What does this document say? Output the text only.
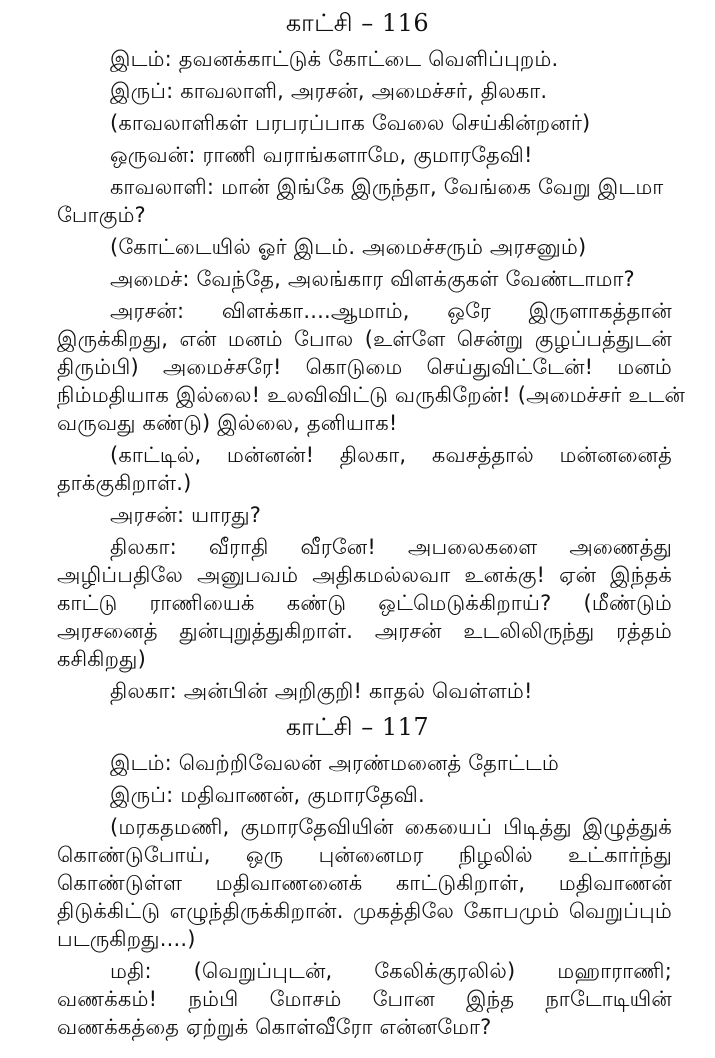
காட்சி – 116
இடம்: தவனக்காட்டுக் கோட்டை வெளிப்புறம்.
இருப்: காவலாளி, அரசன், அமைச்சர், திலகா.
(காவலாளிகள் பரபரப்பாக வேலை செய்கின்றனர்)
ஒருவன்: ராணி வராங்களாமே, குமாரதேவி!
காவலாளி: மான் இங்கே இருந்தா, வேங்கை வேறு இடமா
போகும்?
(கோட்டையில் ஓர் இடம். அமைச்சரும் அரசனும்)
அமைச்: வேந்தே, அலங்கார விளக்குகள் வேண்டாமா?
அரசன்: விளக்கா....ஆமாம், ஒரே இருளாகத்தான்
இருக்கிறது, என் மனம் போல (உள்ளே சென்று குழப்பத்துடன்
திரும்பி) அமைச்சரே! கொடுமை செய்துவிட்டேன்! மனம்
நிம்மதியாக இல்லை! உலவிவிட்டு வருகிறேன்! (அமைச்சர் உடன்
வருவது கண்டு) இல்லை, தனியாக!
(காட்டில், மன்னன்! திலகா, கவசத்தால் மன்னனைத்
தாக்குகிறாள்.)
அரசன்: யாரது?
திலகா: வீராதி வீரனே! அபலைகளை அணைத்து
அழிப்பதிலே அனுபவம் அதிகமல்லவா உனக்கு! ஏன் இந்தக்
காட்டு ராணியைக் கண்டு ஒட்மெடுக்கிறாய்? (மீண்டும்
அரசனைத் துன்புறுத்துகிறாள். அரசன் உடலிலிருந்து ரத்தம்
கசிகிறது)
திலகா: அன்பின் அறிகுறி! காதல் வெள்ளம்!
காட்சி – 117
இடம்: வெற்றிவேலன் அரண்மனைத் தோட்டம்
இருப்: மதிவாணன், குமாரதேவி.
(மரகதமணி, குமாரதேவியின் கையைப் பிடித்து இழுத்துக்
கொண்டுபோய், ஒரு புன்னைமர நிழலில் உட்கார்ந்து
கொண்டுள்ள மதிவாணனைக் காட்டுகிறாள், மதிவாணன்
திடுக்கிட்டு எழுந்திருக்கிறான். முகத்திலே கோபமும் வெறுப்பும்
படருகிறது....)
மதி: (வெறுப்புடன், கேலிக்குரலில்) மஹாராணி;
வணக்கம்! நம்பி மோசம் போன இந்த நாடோடியின்
வணக்கத்தை ஏற்றுக் கொள்வீரோ என்னமோ?
